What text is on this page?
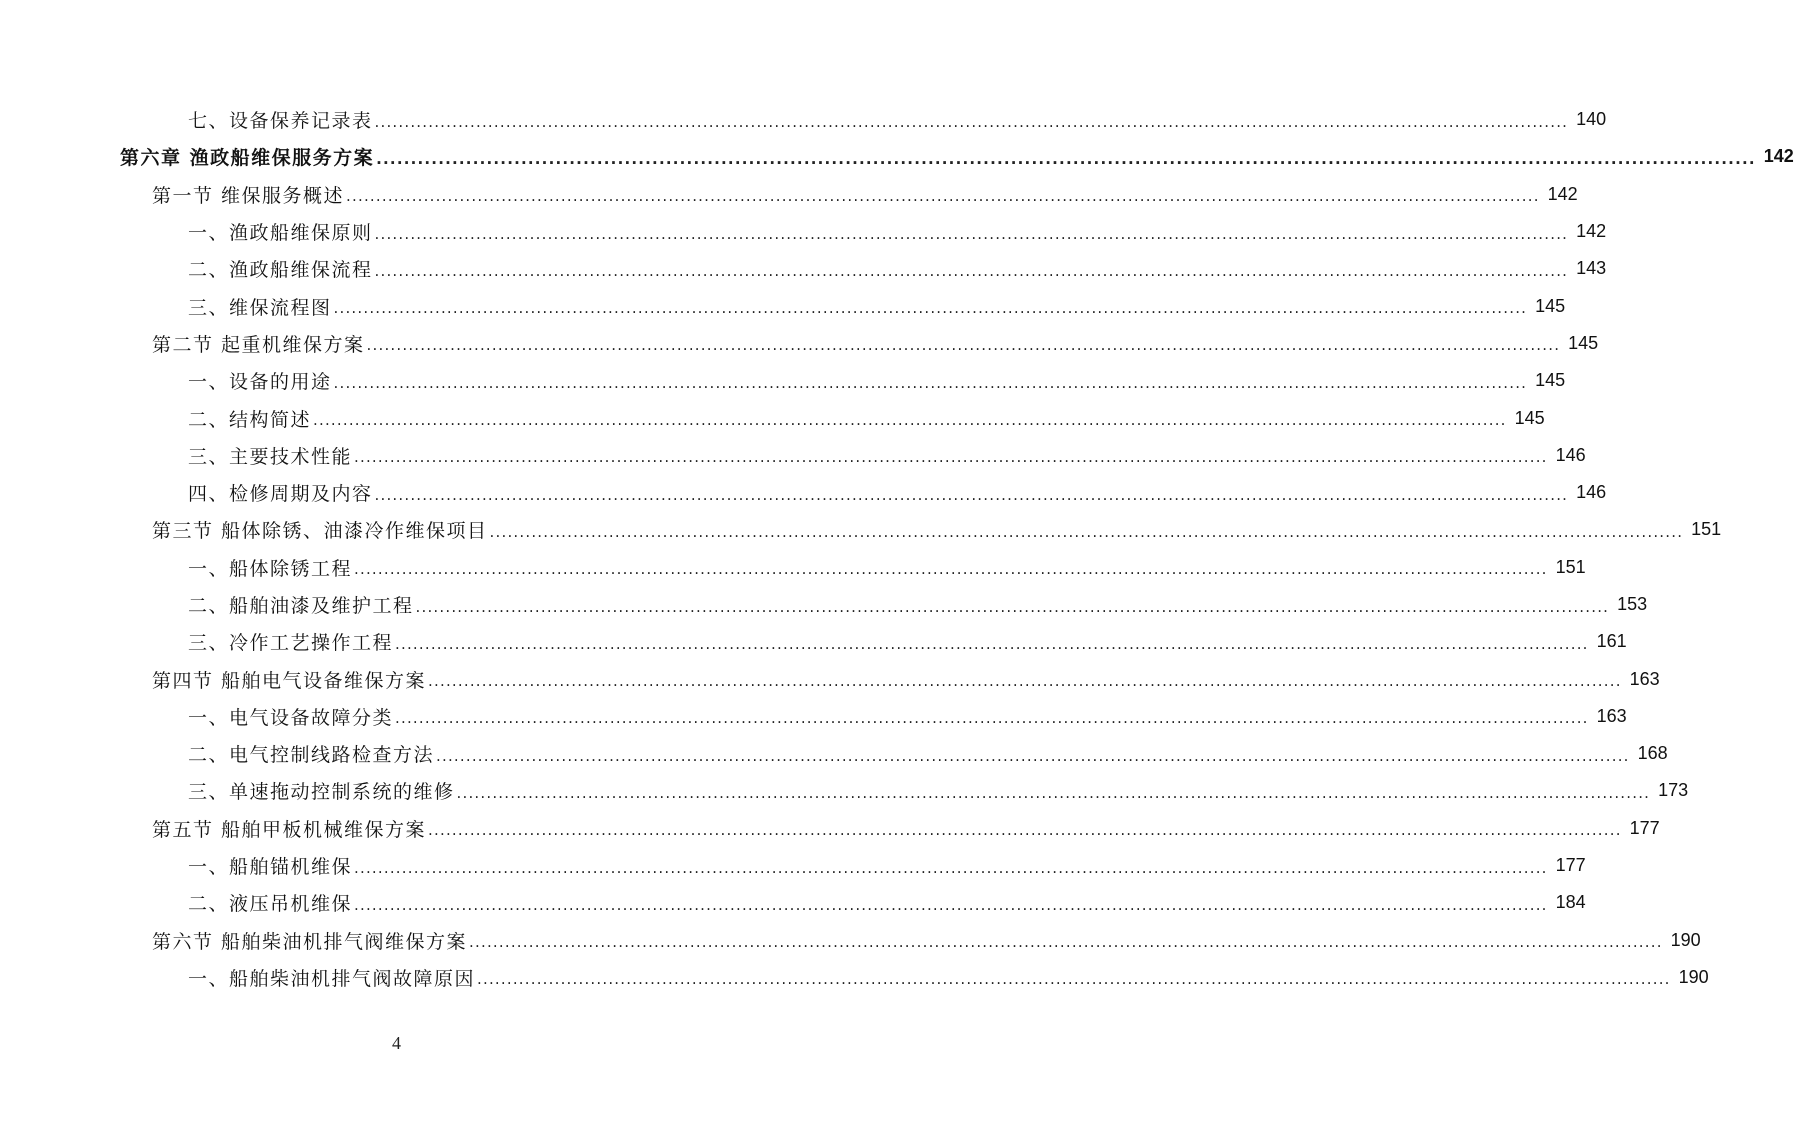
七、设备保养记录表 ........................................................................................................................................................................................................ 140
第六章 渔政船维保服务方案 ........................................................................................................................................................................................................ 142
第一节 维保服务概述 ........................................................................................................................................................................................................ 142
一、渔政船维保原则 ........................................................................................................................................................................................................ 142
二、渔政船维保流程 ........................................................................................................................................................................................................ 143
三、维保流程图 ........................................................................................................................................................................................................ 145
第二节 起重机维保方案 ........................................................................................................................................................................................................ 145
一、设备的用途 ........................................................................................................................................................................................................ 145
二、结构简述 ........................................................................................................................................................................................................ 145
三、主要技术性能 ........................................................................................................................................................................................................ 146
四、检修周期及内容 ........................................................................................................................................................................................................ 146
第三节 船体除锈、油漆冷作维保项目 ........................................................................................................................................................................................................ 151
一、船体除锈工程 ........................................................................................................................................................................................................ 151
二、船舶油漆及维护工程 ........................................................................................................................................................................................................ 153
三、冷作工艺操作工程 ........................................................................................................................................................................................................ 161
第四节 船舶电气设备维保方案 ........................................................................................................................................................................................................ 163
一、电气设备故障分类 ........................................................................................................................................................................................................ 163
二、电气控制线路检查方法 ........................................................................................................................................................................................................ 168
三、单速拖动控制系统的维修 ........................................................................................................................................................................................................ 173
第五节 船舶甲板机械维保方案 ........................................................................................................................................................................................................ 177
一、船舶锚机维保 ........................................................................................................................................................................................................ 177
二、液压吊机维保 ........................................................................................................................................................................................................ 184
第六节 船舶柴油机排气阀维保方案 ........................................................................................................................................................................................................ 190
一、船舶柴油机排气阀故障原因 ........................................................................................................................................................................................................ 190
4
